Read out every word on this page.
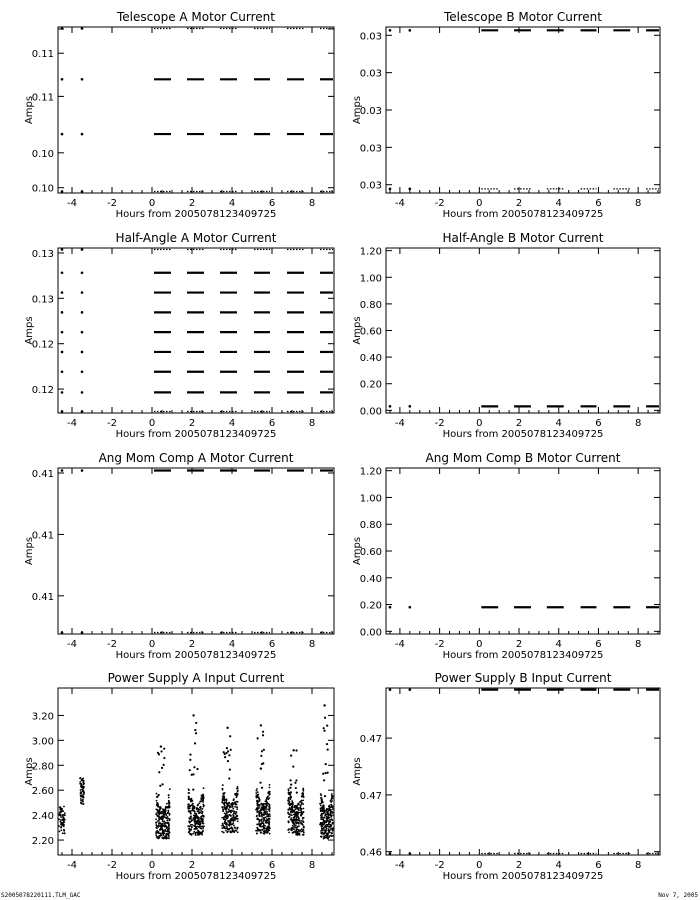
Telescope A Motor Current
-4	-2	0	2	4	6	8
0.10
0.10
0.11
0.11
Hours from 2005078123409725
Amps
Telescope B Motor Current
-4	-2	0	2	4	6	8
0.03
0.03
0.03
0.03
0.03
Hours from 2005078123409725
Amps
Half-Angle A Motor Current
-4	-2	0	2	4	6	8
0.12
0.12
0.13
0.13
Hours from 2005078123409725
Amps
Half-Angle B Motor Current
-4	-2	0	2	4	6	8
0.00
0.20
0.40
0.60
0.80
1.00
1.20
Hours from 2005078123409725
Amps
Ang Mom Comp A Motor Current
-4	-2	0	2	4	6	8
0.41
0.41
0.41
Hours from 2005078123409725
Amps
Ang Mom Comp B Motor Current
-4	-2	0	2	4	6	8
0.00
0.20
0.40
0.60
0.80
1.00
1.20
Hours from 2005078123409725
Amps
Power Supply A Input Current
-4	-2	0	2	4	6	8
2.20
2.40
2.60
2.80
3.00
3.20
Hours from 2005078123409725
Amps
Power Supply B Input Current
-4	-2	0	2	4	6	8
0.46
0.47
0.47
Hours from 2005078123409725
Amps
S2005078220111.TLM_GAC	Nov 7, 2005
